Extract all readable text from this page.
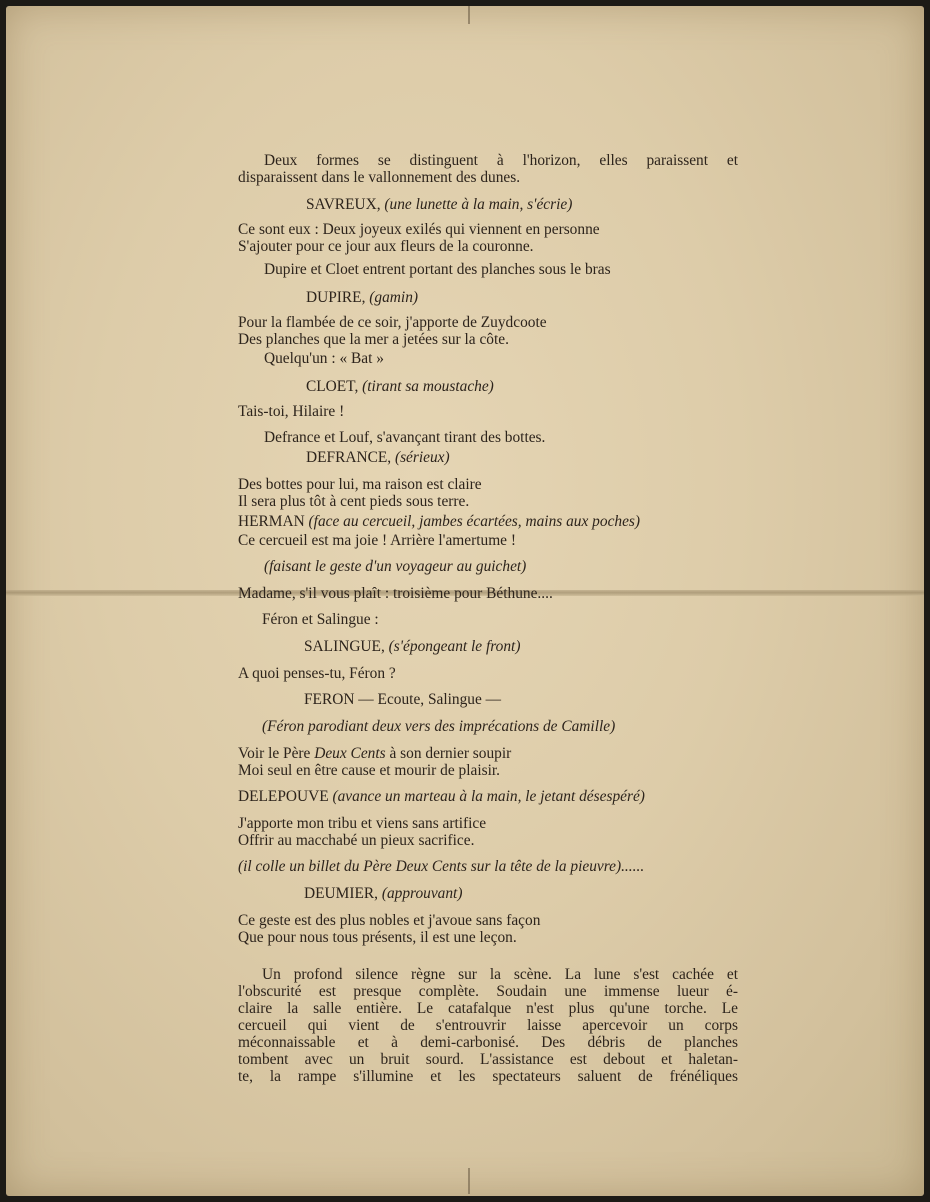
Deux formes se distinguent à l'horizon, elles paraissent et

disparaissent dans le vallonnement des dunes.

SAVREUX, (une lunette à la main, s'écrie)

Ce sont eux : Deux joyeux exilés qui viennent en personne

S'ajouter pour ce jour aux fleurs de la couronne.

Dupire et Cloet entrent portant des planches sous le bras

DUPIRE, (gamin)

Pour la flambée de ce soir, j'apporte de Zuydcoote

Des planches que la mer a jetées sur la côte.

Quelqu'un : « Bat »

CLOET, (tirant sa moustache)

Tais-toi, Hilaire !

Defrance et Louf, s'avançant tirant des bottes.

DEFRANCE, (sérieux)

Des bottes pour lui, ma raison est claire

Il sera plus tôt à cent pieds sous terre.

HERMAN (face au cercueil, jambes écartées, mains aux poches)

Ce cercueil est ma joie ! Arrière l'amertume !

(faisant le geste d'un voyageur au guichet)

Madame, s'il vous plaît : troisième pour Béthune....

Féron et Salingue :

SALINGUE, (s'épongeant le front)

A quoi penses-tu, Féron ?

FERON — Ecoute, Salingue —

(Féron parodiant deux vers des imprécations de Camille)

Voir le Père Deux Cents à son dernier soupir

Moi seul en être cause et mourir de plaisir.

DELEPOUVE (avance un marteau à la main, le jetant désespéré)

J'apporte mon tribu et viens sans artifice

Offrir au macchabé un pieux sacrifice.

(il colle un billet du Père Deux Cents sur la tête de la pieuvre)......

DEUMIER, (approuvant)

Ce geste est des plus nobles et j'avoue sans façon

Que pour nous tous présents, il est une leçon.

Un profond silence règne sur la scène. La lune s'est cachée et

l'obscurité est presque complète. Soudain une immense lueur é-

claire la salle entière. Le catafalque n'est plus qu'une torche. Le

cercueil qui vient de s'entrouvrir laisse apercevoir un corps

méconnaissable et à demi-carbonisé. Des débris de planches

tombent avec un bruit sourd. L'assistance est debout et haletan-

te, la rampe s'illumine et les spectateurs saluent de frénéliques
